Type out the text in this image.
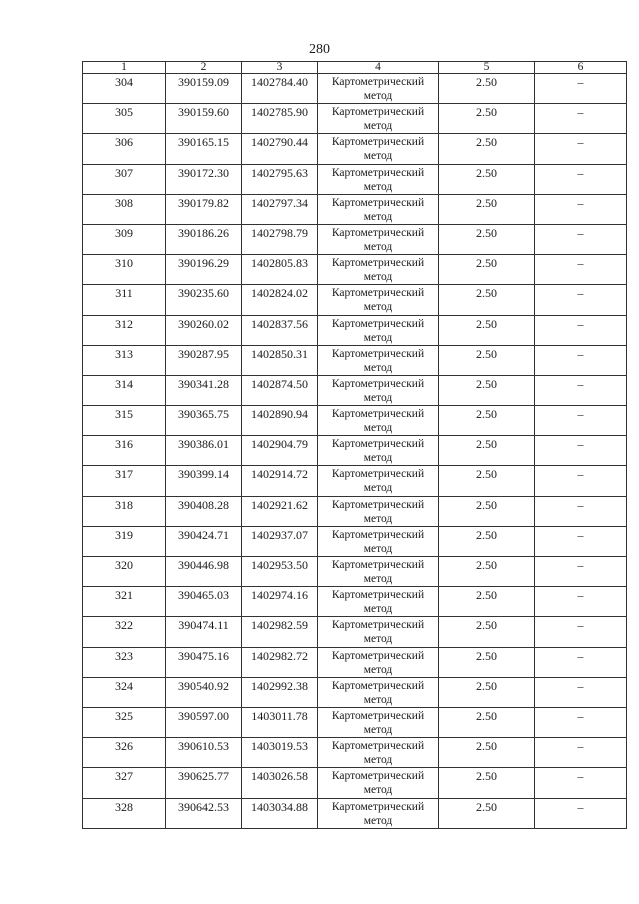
280
1	2	3	4	5	6
304	390159.09	1402784.40	Картометрический метод	2.50	–
305	390159.60	1402785.90	Картометрический метод	2.50	–
306	390165.15	1402790.44	Картометрический метод	2.50	–
307	390172.30	1402795.63	Картометрический метод	2.50	–
308	390179.82	1402797.34	Картометрический метод	2.50	–
309	390186.26	1402798.79	Картометрический метод	2.50	–
310	390196.29	1402805.83	Картометрический метод	2.50	–
311	390235.60	1402824.02	Картометрический метод	2.50	–
312	390260.02	1402837.56	Картометрический метод	2.50	–
313	390287.95	1402850.31	Картометрический метод	2.50	–
314	390341.28	1402874.50	Картометрический метод	2.50	–
315	390365.75	1402890.94	Картометрический метод	2.50	–
316	390386.01	1402904.79	Картометрический метод	2.50	–
317	390399.14	1402914.72	Картометрический метод	2.50	–
318	390408.28	1402921.62	Картометрический метод	2.50	–
319	390424.71	1402937.07	Картометрический метод	2.50	–
320	390446.98	1402953.50	Картометрический метод	2.50	–
321	390465.03	1402974.16	Картометрический метод	2.50	–
322	390474.11	1402982.59	Картометрический метод	2.50	–
323	390475.16	1402982.72	Картометрический метод	2.50	–
324	390540.92	1402992.38	Картометрический метод	2.50	–
325	390597.00	1403011.78	Картометрический метод	2.50	–
326	390610.53	1403019.53	Картометрический метод	2.50	–
327	390625.77	1403026.58	Картометрический метод	2.50	–
328	390642.53	1403034.88	Картометрический метод	2.50	–
